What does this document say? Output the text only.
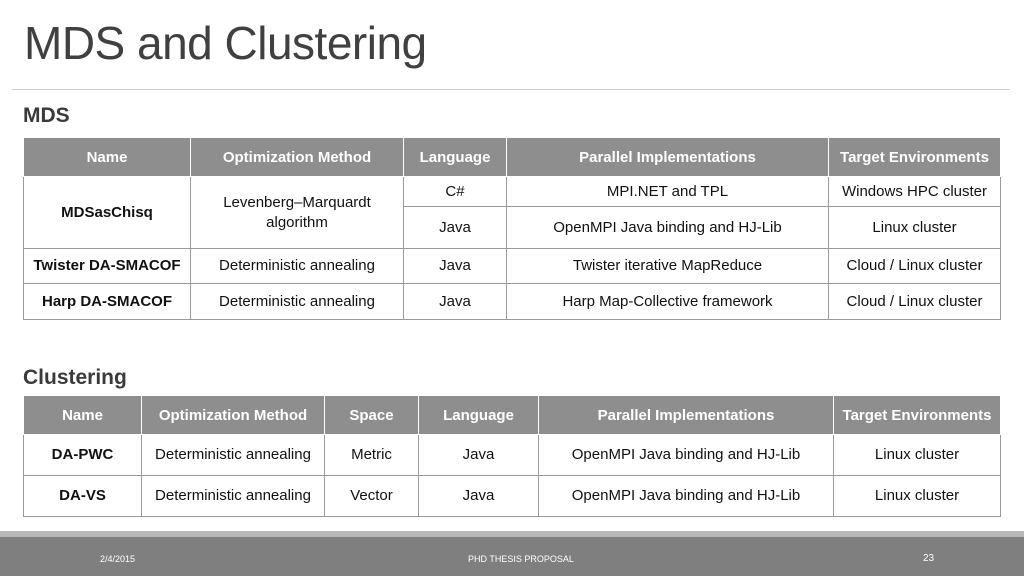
MDS and Clustering
MDS
Name	Optimization Method	Language	Parallel Implementations	Target Environments
MDSasChisq	Levenberg–Marquardt algorithm	C#	MPI.NET and TPL	Windows HPC cluster
		Java	OpenMPI Java binding and HJ-Lib	Linux cluster
Twister DA-SMACOF	Deterministic annealing	Java	Twister iterative MapReduce	Cloud / Linux cluster
Harp DA-SMACOF	Deterministic annealing	Java	Harp Map-Collective framework	Cloud / Linux cluster
Clustering
Name	Optimization Method	Space	Language	Parallel Implementations	Target Environments
DA-PWC	Deterministic annealing	Metric	Java	OpenMPI Java binding and HJ-Lib	Linux cluster
DA-VS	Deterministic annealing	Vector	Java	OpenMPI Java binding and HJ-Lib	Linux cluster
2/4/2015	PHD THESIS PROPOSAL	23
